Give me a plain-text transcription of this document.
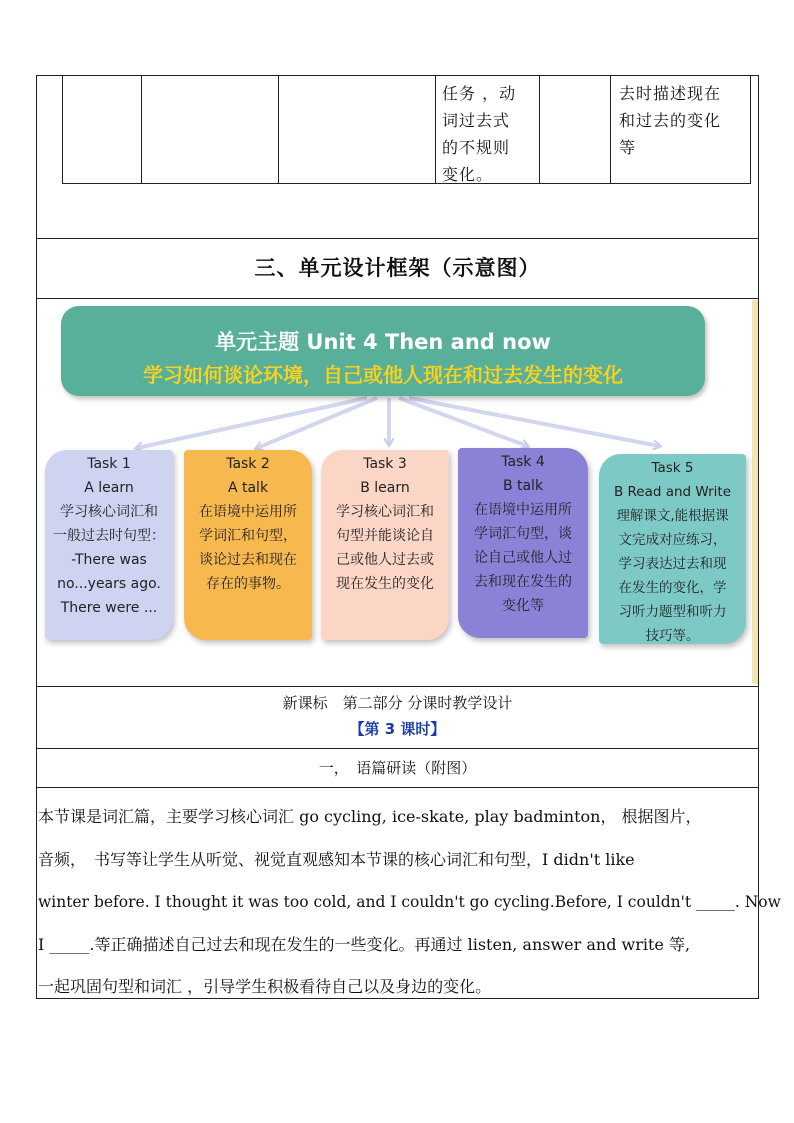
任务 ，动
词过去式
的不规则
变化。
去时描述现在
和过去的变化
等
三、单元设计框架（示意图）
单元主题 Unit 4 Then and now
学习如何谈论环境，自己或他人现在和过去发生的变化
Task 1
A learn
学习核心词汇和
一般过去时句型：
-There was
no...years ago.
There were ...
Task 2
A talk
在语境中运用所
学词汇和句型，
谈论过去和现在
存在的事物。
Task 3
B learn
学习核心词汇和
句型并能谈论自
己或他人过去或
现在发生的变化
Task 4
B talk
在语境中运用所
学词汇句型，谈
论自己或他人过
去和现在发生的
变化等
Task 5
B Read and Write
理解课文,能根据课
文完成对应练习，
学习表达过去和现
在发生的变化，学
习听力题型和听力
技巧等。
新课标　第二部分 分课时教学设计
【第 3 课时】
一，　语篇研读（附图）
本节课是词汇篇，主要学习核心词汇 go cycling, ice-skate, play badminton， 根据图片，
音频，　书写等让学生从听觉、视觉直观感知本节课的核心词汇和句型，I didn't like
winter before. I thought it was too cold, and I couldn't go cycling.Before, I couldn't _____. Now
I _____.等正确描述自己过去和现在发生的一些变化。再通过 listen, answer and write 等,
一起巩固句型和词汇 ，引导学生积极看待自己以及身边的变化。
